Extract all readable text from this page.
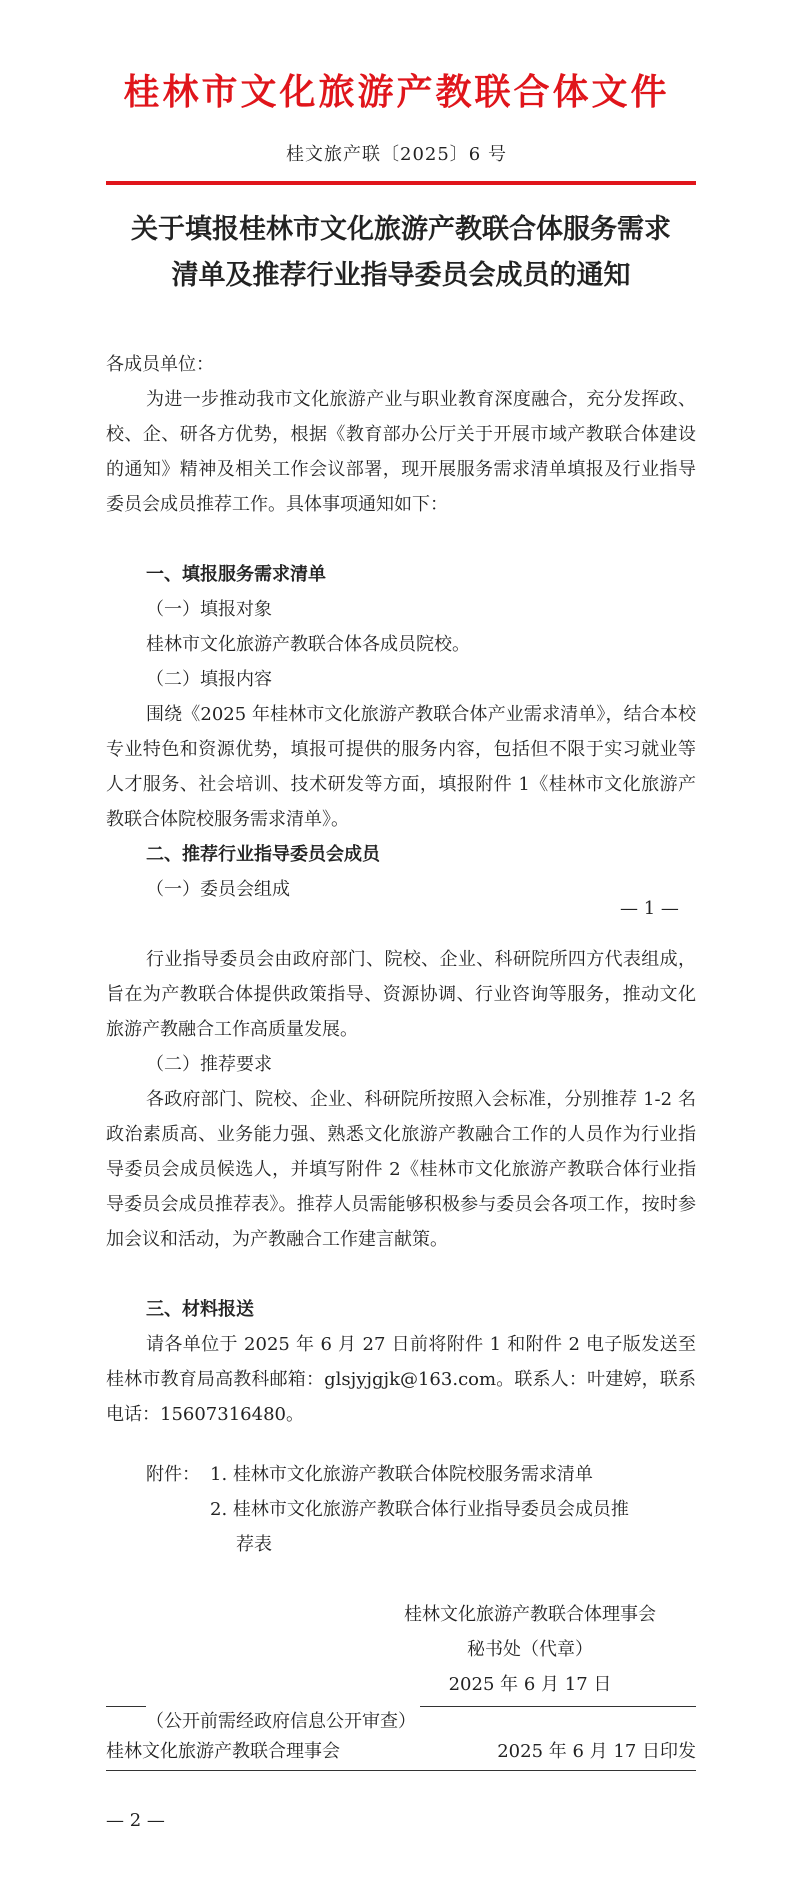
桂林市文化旅游产教联合体文件
桂文旅产联〔2025〕6 号
关于填报桂林市文化旅游产教联合体服务需求
清单及推荐行业指导委员会成员的通知
各成员单位：
为进一步推动我市文化旅游产业与职业教育深度融合，充分发挥政、校、企、研各方优势，根据《教育部办公厅关于开展市域产教联合体建设的通知》精神及相关工作会议部署，现开展服务需求清单填报及行业指导委员会成员推荐工作。具体事项通知如下：
一、填报服务需求清单
（一）填报对象
桂林市文化旅游产教联合体各成员院校。
（二）填报内容
围绕《2025 年桂林市文化旅游产教联合体产业需求清单》，结合本校专业特色和资源优势，填报可提供的服务内容，包括但不限于实习就业等人才服务、社会培训、技术研发等方面，填报附件 1《桂林市文化旅游产教联合体院校服务需求清单》。
二、推荐行业指导委员会成员
（一）委员会组成
— 1 —
行业指导委员会由政府部门、院校、企业、科研院所四方代表组成，旨在为产教联合体提供政策指导、资源协调、行业咨询等服务，推动文化旅游产教融合工作高质量发展。
（二）推荐要求
各政府部门、院校、企业、科研院所按照入会标准，分别推荐 1-2 名政治素质高、业务能力强、熟悉文化旅游产教融合工作的人员作为行业指导委员会成员候选人，并填写附件 2《桂林市文化旅游产教联合体行业指导委员会成员推荐表》。推荐人员需能够积极参与委员会各项工作，按时参加会议和活动，为产教融合工作建言献策。
三、材料报送
请各单位于 2025 年 6 月 27 日前将附件 1 和附件 2 电子版发送至桂林市教育局高教科邮箱：glsjyjgjk@163.com。联系人：叶建婷，联系电话：15607316480。
附件： 1. 桂林市文化旅游产教联合体院校服务需求清单
2. 桂林市文化旅游产教联合体行业指导委员会成员推
荐表
桂林文化旅游产教联合体理事会
秘书处（代章）
2025 年 6 月 17 日
（公开前需经政府信息公开审查）
桂林文化旅游产教联合理事会	2025 年 6 月 17 日印发
— 2 —
